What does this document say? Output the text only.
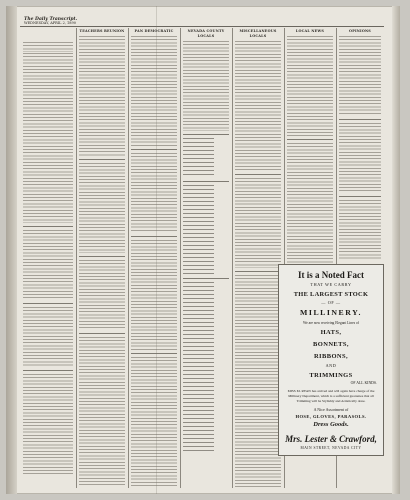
The Daily Transcript.
WEDNESDAY, APRIL 2, 1890
TEACHERS REUNION	PAN DEMOCRATIC	NEVADA COUNTY LOCALS
MISCELLANEOUS LOCALS
LOCAL NEWS	OPINIONS
It is a Noted Fact
THAT WE CARRY
THE LARGEST STOCK
— OF —
MILLINERY.
We are now receiving Elegant Lines of
HATS,
BONNETS,
RIBBONS,
AND
TRIMMINGS
OF ALL KINDS.
MISS M. RYAN has arrived and will again have charge of the Millinery Department, which is a sufficient guarantee that all Trimming will be Stylishly and Artistically done.
A Nice Assortment of
HOSE, GLOVES, PARASOLS.
Dress Goods.
Mrs. Lester & Crawford,
MAIN STREET, NEVADA CITY
